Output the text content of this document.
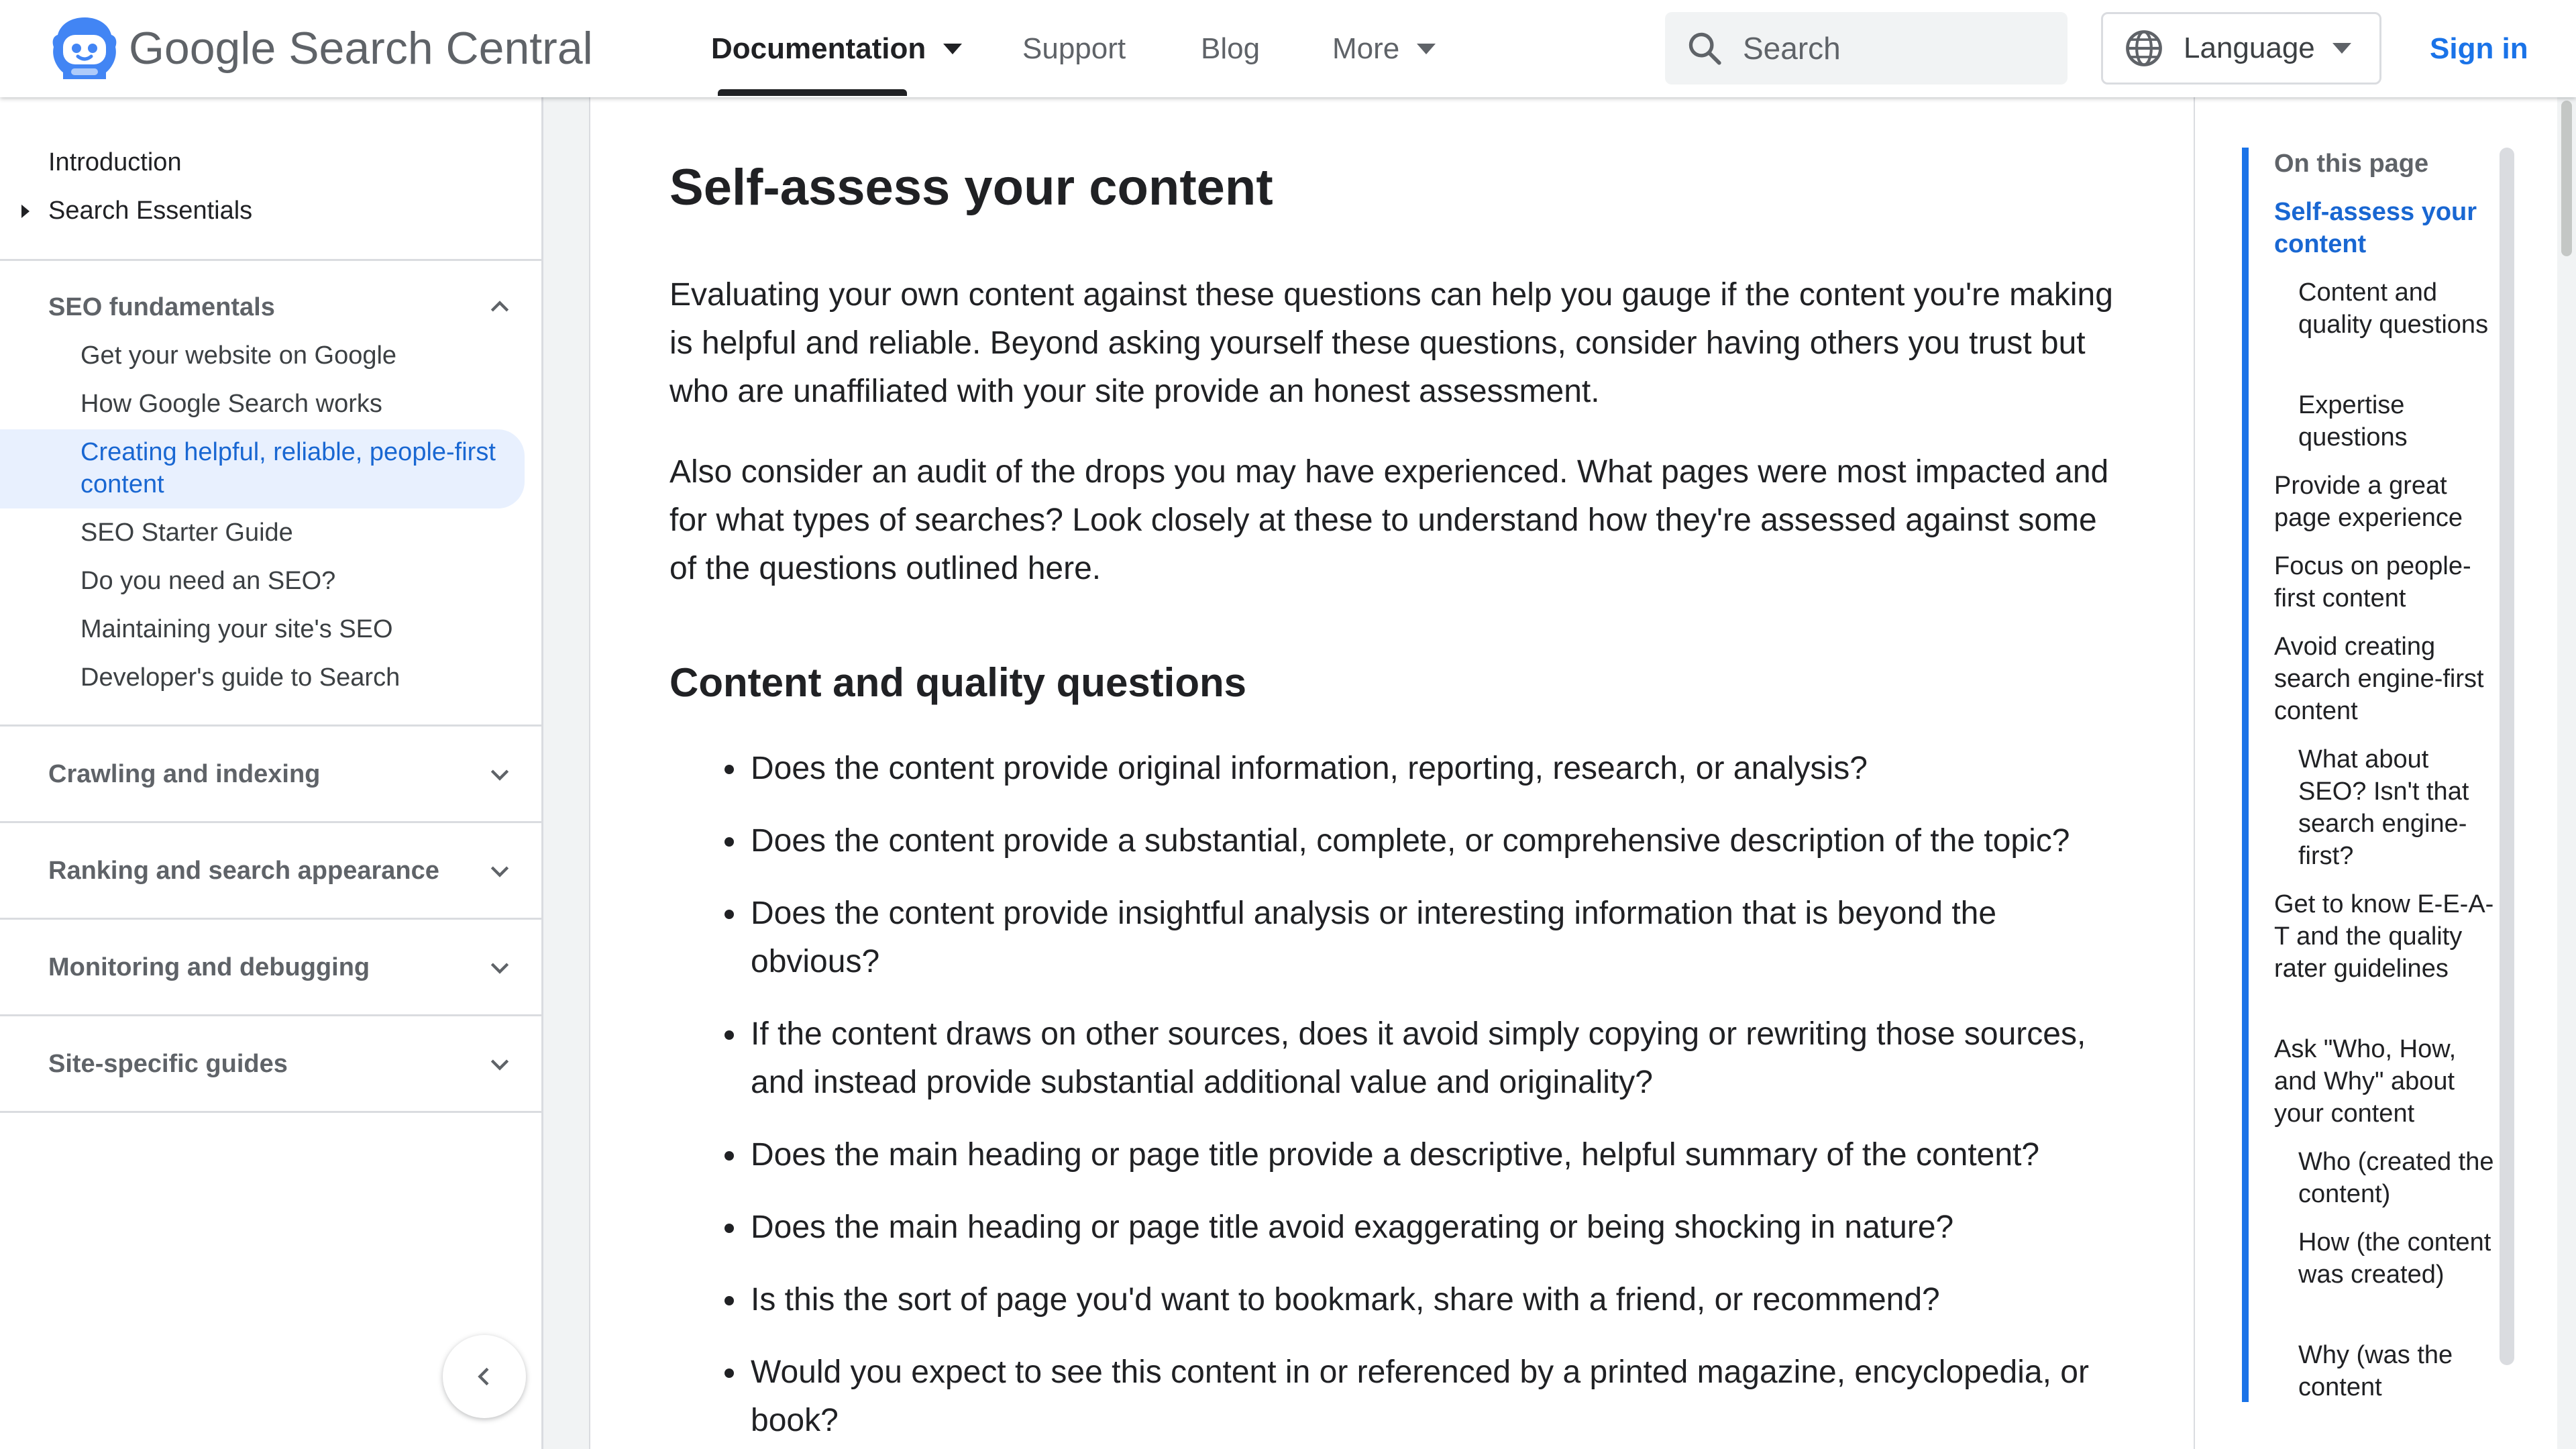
Google Search Central	Documentation	Support	Blog More
Search	Language	Sign in
Introduction
Search Essentials
SEO fundamentals
Get your website on Google
How Google Search works
Creating helpful, reliable, people-first content
SEO Starter Guide
Do you need an SEO?
Maintaining your site's SEO
Developer's guide to Search
Crawling and indexing
Ranking and search appearance
Monitoring and debugging
Site-specific guides
Self-assess your content

Evaluating your own content against these questions can help you gauge if the content you're making is helpful and reliable. Beyond asking yourself these questions, consider having others you trust but who are unaffiliated with your site provide an honest assessment.

Also consider an audit of the drops you may have experienced. What pages were most impacted and for what types of searches? Look closely at these to understand how they're assessed against some of the questions outlined here.

Content and quality questions
Does the content provide original information, reporting, research, or analysis?
Does the content provide a substantial, complete, or comprehensive description of the topic?
Does the content provide insightful analysis or interesting information that is beyond the obvious?
If the content draws on other sources, does it avoid simply copying or rewriting those sources, and instead provide substantial additional value and originality?
Does the main heading or page title provide a descriptive, helpful summary of the content?
Does the main heading or page title avoid exaggerating or being shocking in nature?
Is this the sort of page you'd want to bookmark, share with a friend, or recommend?
Would you expect to see this content in or referenced by a printed magazine, encyclopedia, or book?
On this page
Self-assess your content
Content and quality questions
Expertise questions
Provide a great page experience
Focus on people-first content
Avoid creating search engine-first content
What about SEO? Isn't that search engine-first?
Get to know E-E-A-T and the quality rater guidelines
Ask "Who, How, and Why" about your content
Who (created the content)
How (the content was created)
Why (was the content
